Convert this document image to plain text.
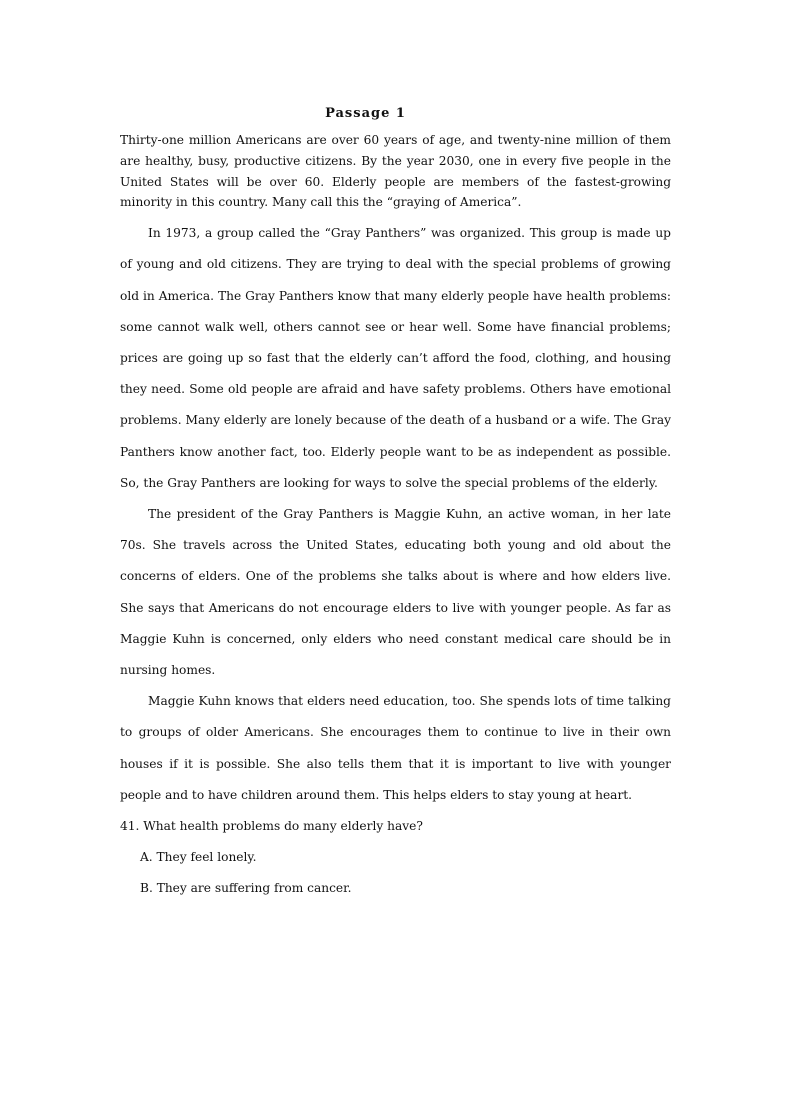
Passage 1

Thirty-one million Americans are over 60 years of age, and twenty-nine million of them are healthy, busy, productive citizens. By the year 2030, one in every five people in the United States will be over 60. Elderly people are members of the fastest-growing minority in this country. Many call this the “graying of America”.

In 1973, a group called the “Gray Panthers” was organized. This group is made up of young and old citizens. They are trying to deal with the special problems of growing old in America. The Gray Panthers know that many elderly people have health problems: some cannot walk well, others cannot see or hear well. Some have financial problems; prices are going up so fast that the elderly can’t afford the food, clothing, and housing they need. Some old people are afraid and have safety problems. Others have emotional problems. Many elderly are lonely because of the death of a husband or a wife. The Gray Panthers know another fact, too. Elderly people want to be as independent as possible. So, the Gray Panthers are looking for ways to solve the special problems of the elderly.

The president of the Gray Panthers is Maggie Kuhn, an active woman, in her late 70s. She travels across the United States, educating both young and old about the concerns of elders. One of the problems she talks about is where and how elders live. She says that Americans do not encourage elders to live with younger people. As far as Maggie Kuhn is concerned, only elders who need constant medical care should be in nursing homes.

Maggie Kuhn knows that elders need education, too. She spends lots of time talking to groups of older Americans. She encourages them to continue to live in their own houses if it is possible. She also tells them that it is important to live with younger people and to have children around them. This helps elders to stay young at heart.

41. What health problems do many elderly have?

A. They feel lonely.

B. They are suffering from cancer.
